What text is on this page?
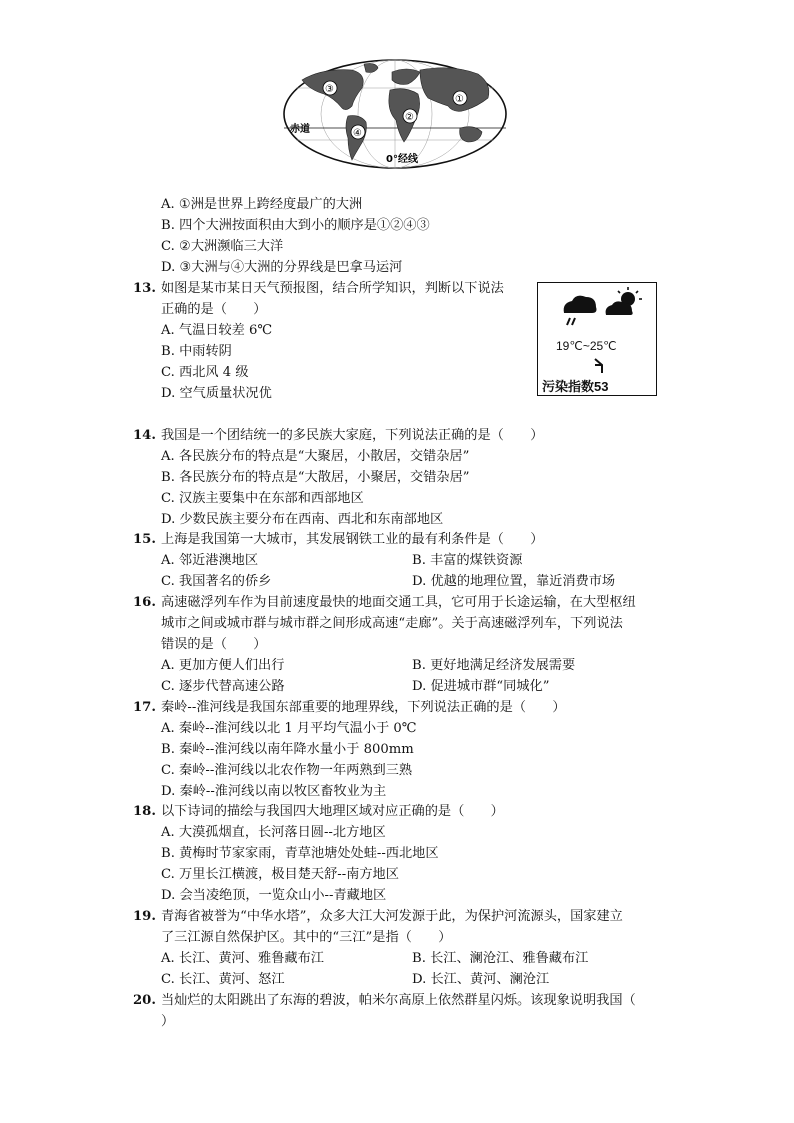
③
①
②
④
赤道
0°经线
A. ①洲是世界上跨经度最广的大洲
B. 四个大洲按面积由大到小的顺序是①②④③
C. ②大洲濒临三大洋
D. ③大洲与④大洲的分界线是巴拿马运河
13. 如图是某市某日天气预报图，结合所学知识，判断以下说法
正确的是（　　）
A. 气温日较差 6℃
B. 中雨转阴
C. 西北风 4 级
D. 空气质量状况优
19℃~25℃
污染指数53
14. 我国是一个团结统一的多民族大家庭，下列说法正确的是（　　）
A. 各民族分布的特点是“大聚居，小散居，交错杂居”
B. 各民族分布的特点是“大散居，小聚居，交错杂居”
C. 汉族主要集中在东部和西部地区
D. 少数民族主要分布在西南、西北和东南部地区
15. 上海是我国第一大城市，其发展钢铁工业的最有利条件是（　　）
A. 邻近港澳地区	B. 丰富的煤铁资源
C. 我国著名的侨乡	D. 优越的地理位置，靠近消费市场
16. 高速磁浮列车作为目前速度最快的地面交通工具，它可用于长途运输，在大型枢纽
城市之间或城市群与城市群之间形成高速“走廊”。关于高速磁浮列车，下列说法
错误的是（　　）
A. 更加方便人们出行	B. 更好地满足经济发展需要
C. 逐步代替高速公路	D. 促进城市群“同城化”
17. 秦岭--淮河线是我国东部重要的地理界线，下列说法正确的是（　　）
A. 秦岭--淮河线以北 1 月平均气温小于 0℃
B. 秦岭--淮河线以南年降水量小于 800mm
C. 秦岭--淮河线以北农作物一年两熟到三熟
D. 秦岭--淮河线以南以牧区畜牧业为主
18. 以下诗词的描绘与我国四大地理区域对应正确的是（　　）
A. 大漠孤烟直，长河落日圆--北方地区
B. 黄梅时节家家雨，青草池塘处处蛙--西北地区
C. 万里长江横渡，极目楚天舒--南方地区
D. 会当凌绝顶，一览众山小--青藏地区
19. 青海省被誉为“中华水塔”，众多大江大河发源于此，为保护河流源头，国家建立
了三江源自然保护区。其中的“三江”是指（　　）
A. 长江、黄河、雅鲁藏布江	B. 长江、澜沧江、雅鲁藏布江
C. 长江、黄河、怒江	D. 长江、黄河、澜沧江
20. 当灿烂的太阳跳出了东海的碧波，帕米尔高原上依然群星闪烁。该现象说明我国（
）
